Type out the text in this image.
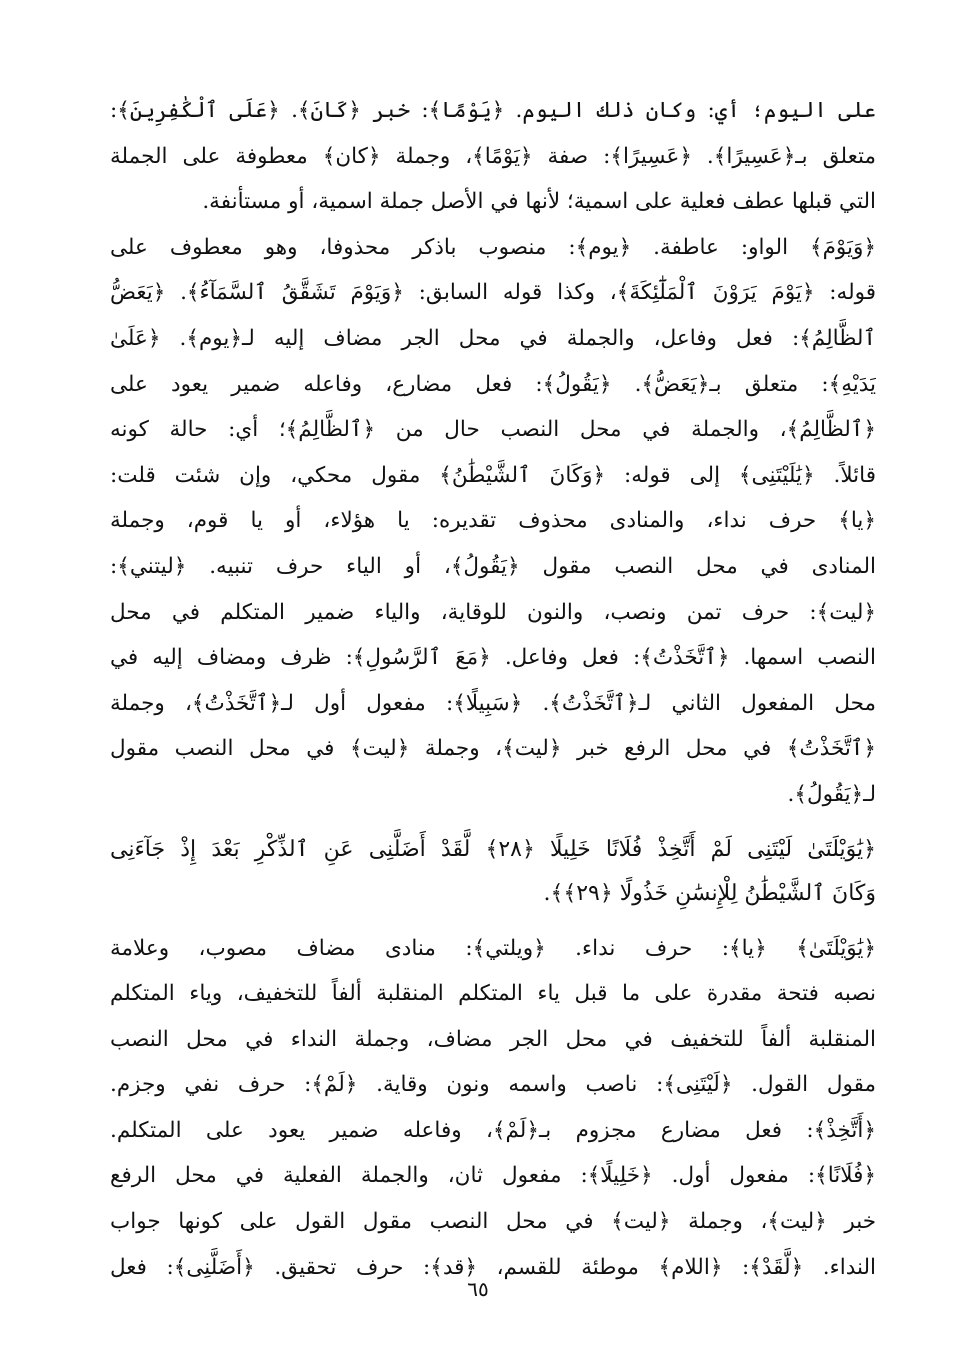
على اليوم؛ أي: وكان ذلك اليوم. ﴿يَوْمًا﴾: خبر ﴿كَانَ﴾. ﴿عَلَى ٱلْكَٰفِرِينَ﴾:
متعلق بـ﴿عَسِيرًا﴾. ﴿عَسِيرًا﴾: صفة ﴿يَوْمًا﴾، وجملة ﴿كان﴾ معطوفة على الجملة
التي قبلها عطف فعلية على اسمية؛ لأنها في الأصل جملة اسمية، أو مستأنفة.
﴿وَيَوْمَ﴾ الواو: عاطفة. ﴿يوم﴾: منصوب باذكر محذوفا، وهو معطوف على
قوله: ﴿يَوْمَ يَرَوْنَ ٱلْمَلَٰٓئِكَةَ﴾، وكذا قوله السابق: ﴿وَيَوْمَ تَشَقَّقُ ٱلسَّمَآءُ﴾. ﴿يَعَضُّ
ٱلظَّالِمُ﴾: فعل وفاعل، والجملة في محل الجر مضاف إليه لـ﴿يوم﴾. ﴿عَلَىٰ
يَدَيْهِ﴾: متعلق بـ﴿يَعَضُّ﴾. ﴿يَقُولُ﴾: فعل مضارع، وفاعله ضمير يعود على
﴿ٱلظَّالِمُ﴾، والجملة في محل النصب حال من ﴿ٱلظَّالِمُ﴾؛ أي: حالة كونه
قائلاً. ﴿يَٰلَيْتَنِى﴾ إلى قوله: ﴿وَكَانَ ٱلشَّيْطَٰنُ﴾ مقول محكي، وإن شئت قلت:
﴿يا﴾ حرف نداء، والمنادى محذوف تقديره: يا هؤلاء، أو يا قوم، وجملة
المنادى في محل النصب مقول ﴿يَقُولُ﴾، أو الياء حرف تنبيه. ﴿ليتني﴾:
﴿ليت﴾: حرف تمن ونصب، والنون للوقاية، والياء ضمير المتكلم في محل
النصب اسمها. ﴿ٱتَّخَذْتُ﴾: فعل وفاعل. ﴿مَعَ ٱلرَّسُولِ﴾: ظرف ومضاف إليه في
محل المفعول الثاني لـ﴿ٱتَّخَذْتُ﴾. ﴿سَبِيلًا﴾: مفعول أول لـ﴿ٱتَّخَذْتُ﴾، وجملة
﴿ٱتَّخَذْتُ﴾ في محل الرفع خبر ﴿ليت﴾، وجملة ﴿ليت﴾ في محل النصب مقول
لـ﴿يَقُولُ﴾.
﴿يَٰوَيْلَتَىٰ لَيْتَنِى لَمْ أَتَّخِذْ فُلَانًا خَلِيلًا ﴿٢٨﴾ لَّقَدْ أَضَلَّنِى عَنِ ٱلذِّكْرِ بَعْدَ إِذْ جَآءَنِى
وَكَانَ ٱلشَّيْطَٰنُ لِلْإِنسَٰنِ خَذُولًا ﴿٢٩﴾﴾.
﴿يَٰوَيْلَتَىٰ﴾ ﴿يا﴾: حرف نداء. ﴿ويلتي﴾: منادى مضاف مصوب، وعلامة
نصبه فتحة مقدرة على ما قبل ياء المتكلم المنقلبة ألفاً للتخفيف، وياء المتكلم
المنقلبة ألفاً للتخفيف في محل الجر مضاف، وجملة النداء في محل النصب
مقول القول. ﴿لَيْتَنِى﴾: ناصب واسمه ونون وقاية. ﴿لَمْ﴾: حرف نفي وجزم.
﴿أَتَّخِذْ﴾: فعل مضارع مجزوم بـ﴿لَمْ﴾، وفاعله ضمير يعود على المتكلم.
﴿فُلَانًا﴾: مفعول أول. ﴿خَلِيلًا﴾: مفعول ثان، والجملة الفعلية في محل الرفع
خبر ﴿ليت﴾، وجملة ﴿ليت﴾ في محل النصب مقول القول على كونها جواب
النداء. ﴿لَّقَدْ﴾: ﴿اللام﴾ موطئة للقسم، ﴿قد﴾: حرف تحقيق. ﴿أَضَلَّنِى﴾: فعل
٦٥
